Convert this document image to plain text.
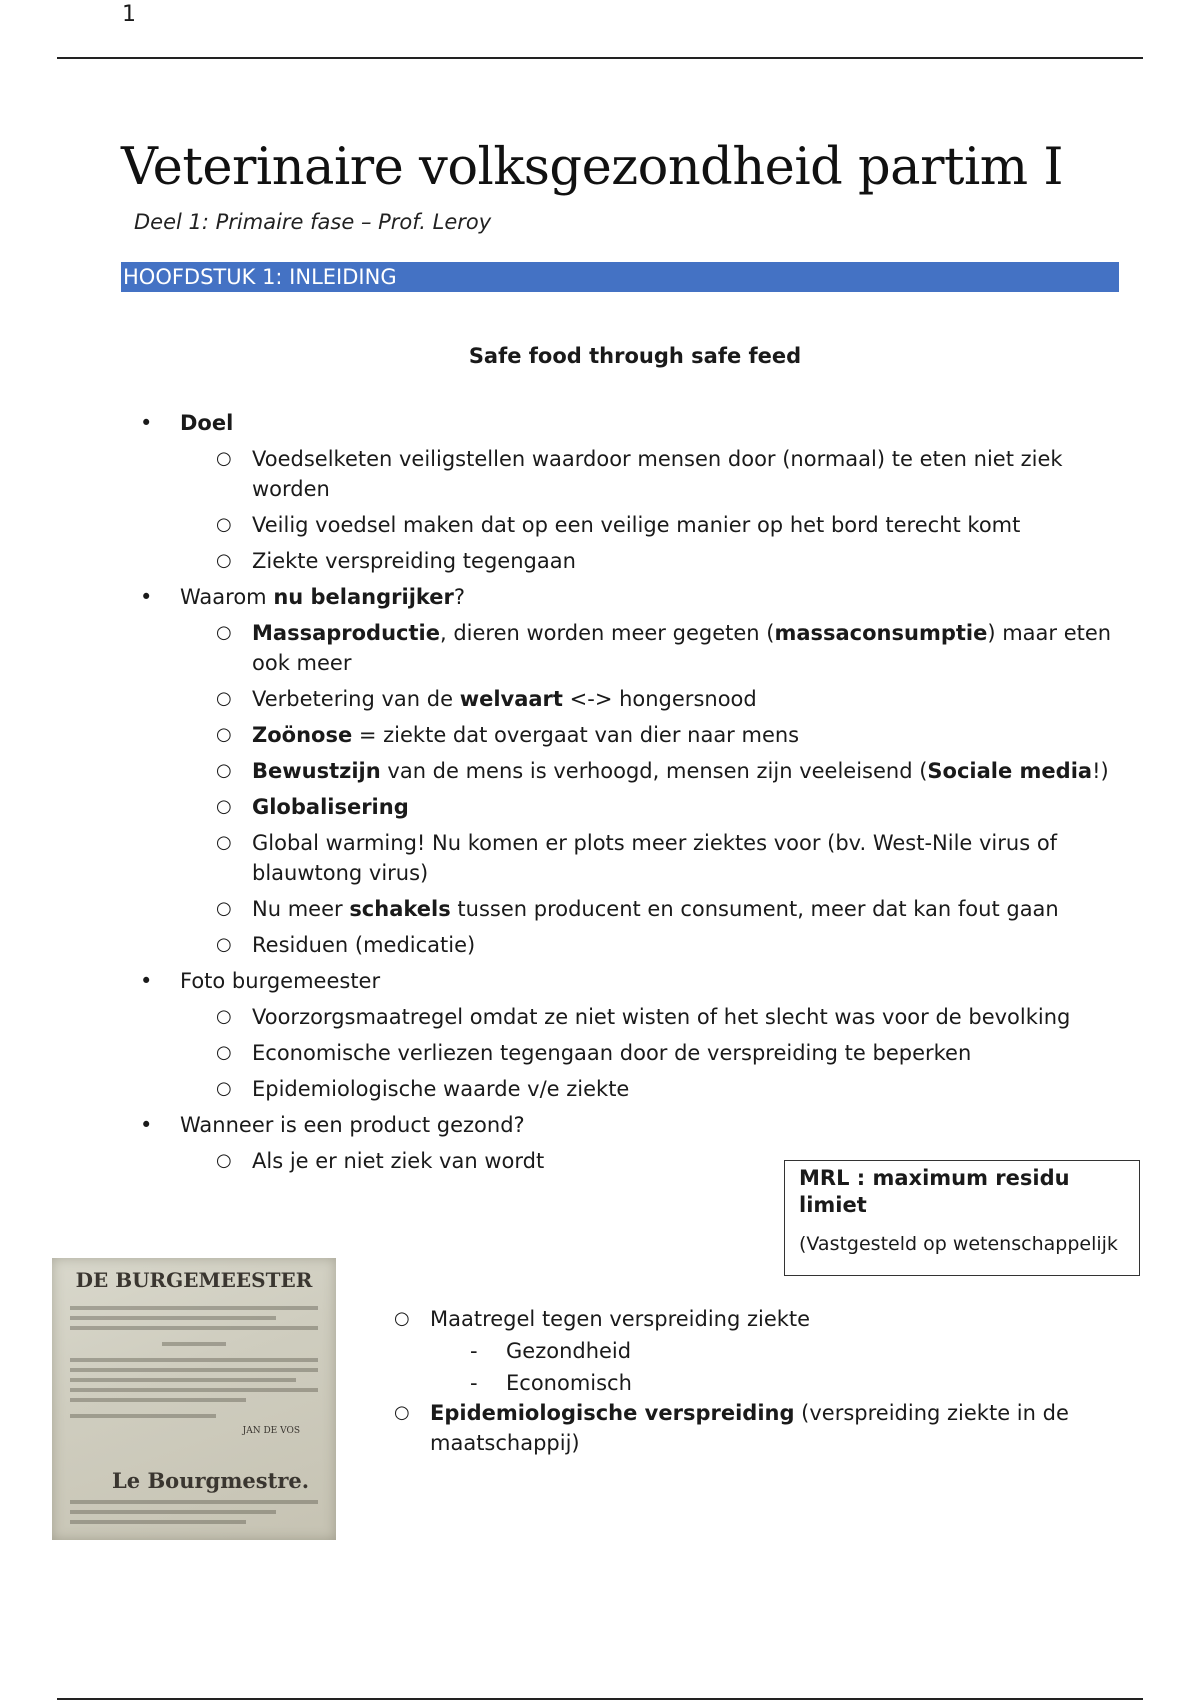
1
Veterinaire volksgezondheid partim I
Deel 1: Primaire fase – Prof. Leroy
HOOFDSTUK 1: INLEIDING
Safe food through safe feed
• Doel
○ Voedselketen veiligstellen waardoor mensen door (normaal) te eten niet ziek worden
○ Veilig voedsel maken dat op een veilige manier op het bord terecht komt
○ Ziekte verspreiding tegengaan
• Waarom nu belangrijker?
○ Massaproductie, dieren worden meer gegeten (massaconsumptie) maar eten ook meer
○ Verbetering van de welvaart <-> hongersnood
○ Zoönose = ziekte dat overgaat van dier naar mens
○ Bewustzijn van de mens is verhoogd, mensen zijn veeleisend (Sociale media!)
○ Globalisering
○ Global warming! Nu komen er plots meer ziektes voor (bv. West-Nile virus of blauwtong virus)
○ Nu meer schakels tussen producent en consument, meer dat kan fout gaan
○ Residuen (medicatie)
• Foto burgemeester
○ Voorzorgsmaatregel omdat ze niet wisten of het slecht was voor de bevolking
○ Economische verliezen tegengaan door de verspreiding te beperken
○ Epidemiologische waarde v/e ziekte
• Wanneer is een product gezond?
○ Als je er niet ziek van wordt
MRL : maximum residu limiet
(Vastgesteld op wetenschappelijk
DE BURGEMEESTER
JAN DE VOS
Le Bourgmestre.
○ Maatregel tegen verspreiding ziekte
- Gezondheid
- Economisch
○ Epidemiologische verspreiding (verspreiding ziekte in de maatschappij)
